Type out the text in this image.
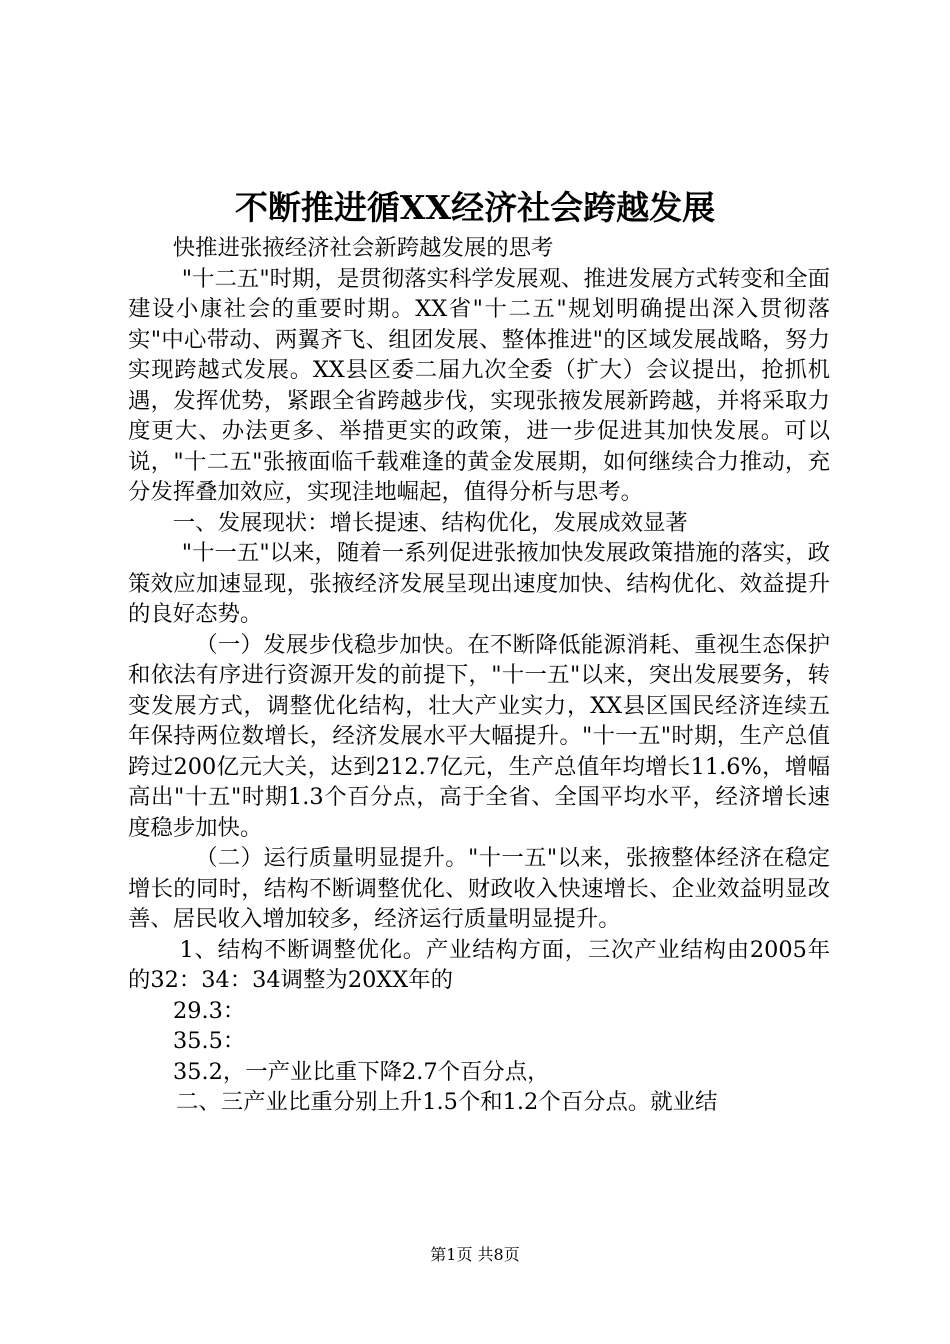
不断推进循XX经济社会跨越发展

快推进张掖经济社会新跨越发展的思考

"十二五"时期，是贯彻落实科学发展观、推进发展方式转变和全面建设小康社会的重要时期。XX省"十二五"规划明确提出深入贯彻落实"中心带动、两翼齐飞、组团发展、整体推进"的区域发展战略，努力实现跨越式发展。XX县区委二届九次全委（扩大）会议提出，抢抓机遇，发挥优势，紧跟全省跨越步伐，实现张掖发展新跨越，并将采取力度更大、办法更多、举措更实的政策，进一步促进其加快发展。可以说，"十二五"张掖面临千载难逢的黄金发展期，如何继续合力推动，充分发挥叠加效应，实现洼地崛起，值得分析与思考。

一、发展现状：增长提速、结构优化，发展成效显著

"十一五"以来，随着一系列促进张掖加快发展政策措施的落实，政策效应加速显现，张掖经济发展呈现出速度加快、结构优化、效益提升的良好态势。

（一）发展步伐稳步加快。在不断降低能源消耗、重视生态保护和依法有序进行资源开发的前提下，"十一五"以来，突出发展要务，转变发展方式，调整优化结构，壮大产业实力，XX县区国民经济连续五年保持两位数增长，经济发展水平大幅提升。"十一五"时期，生产总值跨过200亿元大关，达到212.7亿元，生产总值年均增长11.6%，增幅高出"十五"时期1.3个百分点，高于全省、全国平均水平，经济增长速度稳步加快。

（二）运行质量明显提升。"十一五"以来，张掖整体经济在稳定增长的同时，结构不断调整优化、财政收入快速增长、企业效益明显改善、居民收入增加较多，经济运行质量明显提升。

1、结构不断调整优化。产业结构方面，三次产业结构由2005年的32：34：34调整为20XX年的

29.3：

35.5：

35.2，一产业比重下降2.7个百分点，

二、三产业比重分别上升1.5个和1.2个百分点。就业结

第1页 共8页
